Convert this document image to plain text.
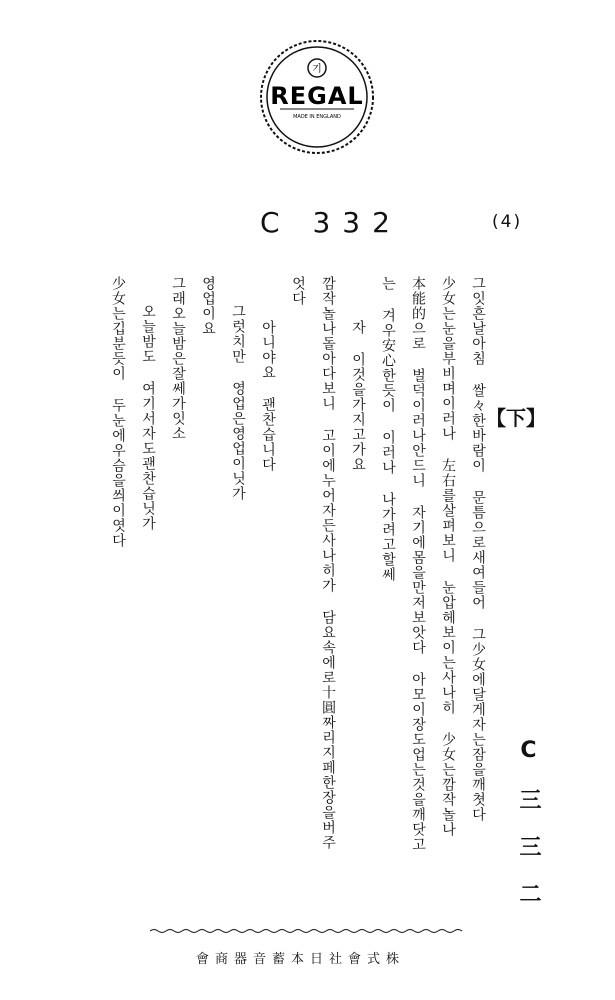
기
REGAL
MADE IN ENGLAND
C 332	(4)
【下】
C 三 三 二
그잇흔날아침 쌀々한바람이 문틈으로새여들어 그少女에달게자는잠을깨쳣다
少女는눈을부비며이러나 左右를살펴보니 눈압헤보이는사나히 少女는깜작놀나
本能的으로 벌덕이러나안드니 자기에몸을만저보앗다 아모이장도업는것을깨닷고
는 겨우安心한듯이 이러나 나가려고할쎄
자 이것을가지고가요
깜작놀나돌아다보니 고이에누어자든사나히가 담요속에로十圓짜리지페한장을버주
엇다
아니야요 괜찬습니다
그럿치만 영업은영업이닛가
영업이요
그래오늘밤은잘쎄가잇소
오늘밤도 여기서자도괜찬습닛가
少女는깁분듯이 두눈에우슴을씌이엿다
會商器音蓄本日社會式株
